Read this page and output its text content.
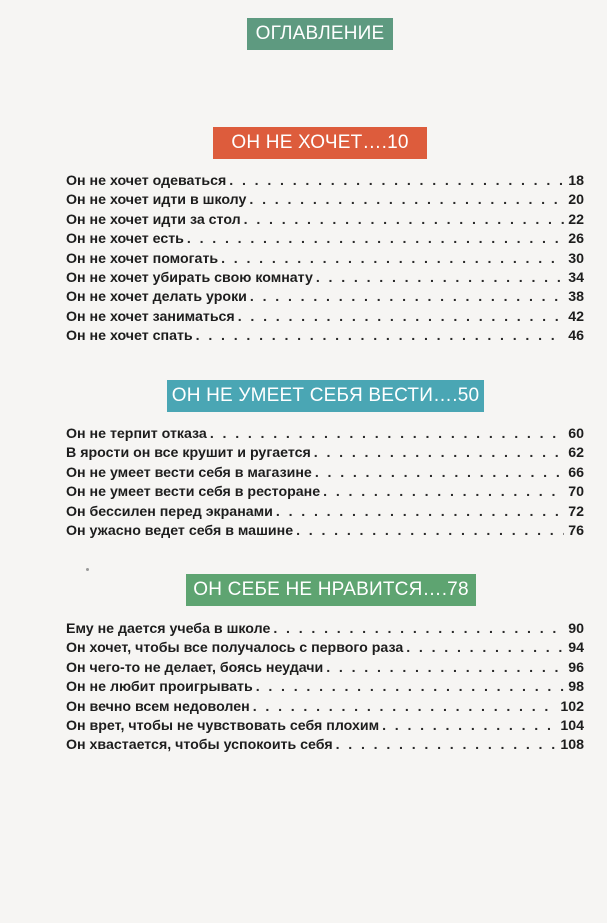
ОГЛАВЛЕНИЕ
ОН НЕ ХОЧЕТ….10
Он не хочет одеваться . . .	18
Он не хочет идти в школу . . .	20
Он не хочет идти за стол . . .	22
Он не хочет есть . . .	26
Он не хочет помогать . . .	30
Он не хочет убирать свою комнату . . .	34
Он не хочет делать уроки . . .	38
Он не хочет заниматься . . .	42
Он не хочет спать . . .	46
ОН НЕ УМЕЕТ СЕБЯ ВЕСТИ….50
Он не терпит отказа . . .	60
В ярости он все крушит и ругается . . .	62
Он не умеет вести себя в магазине . . .	66
Он не умеет вести себя в ресторане . . .	70
Он бессилен перед экранами . . .	72
Он ужасно ведет себя в машине . . .	76
ОН СЕБЕ НЕ НРАВИТСЯ….78
Ему не дается учеба в школе . . .	90
Он хочет, чтобы все получалось с первого раза . . .	94
Он чего-то не делает, боясь неудачи . . .	96
Он не любит проигрывать . . .	98
Он вечно всем недоволен . . .	102
Он врет, чтобы не чувствовать себя плохим . . .	104
Он хвастается, чтобы успокоить себя . . .	108
